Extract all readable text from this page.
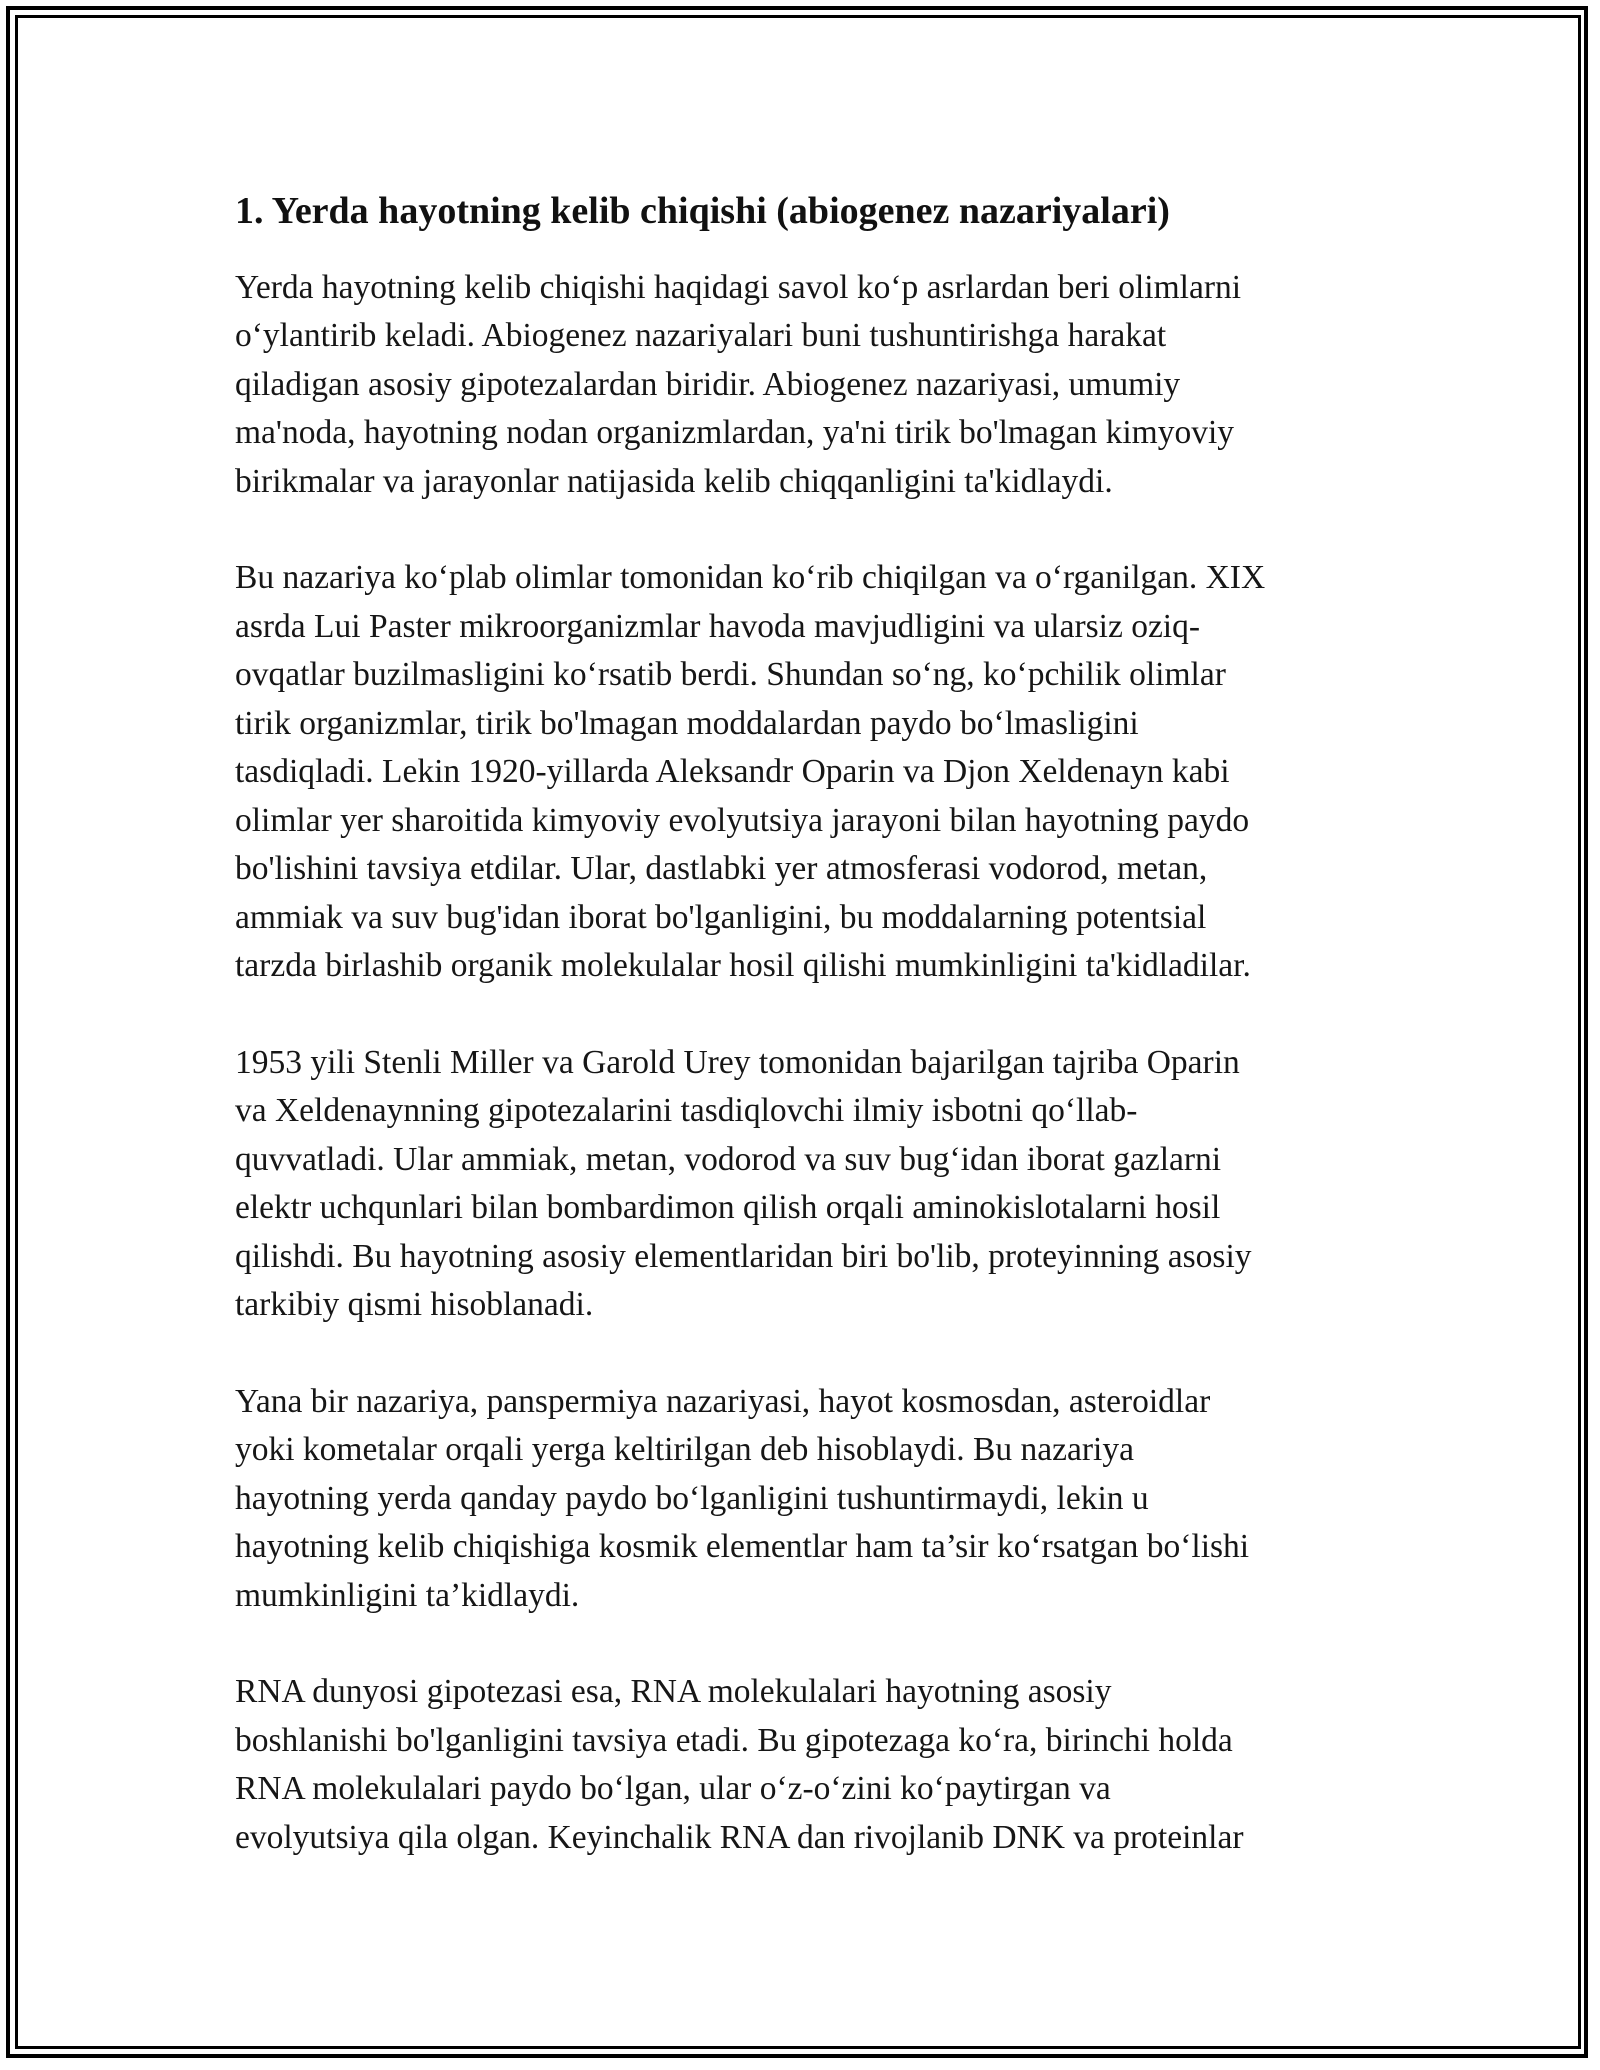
1. Yerda hayotning kelib chiqishi (abiogenez nazariyalari)

Yerda hayotning kelib chiqishi haqidagi savol koʻp asrlardan beri olimlarni
oʻylantirib keladi. Abiogenez nazariyalari buni tushuntirishga harakat
qiladigan asosiy gipotezalardan biridir. Abiogenez nazariyasi, umumiy
ma'noda, hayotning nodan organizmlardan, ya'ni tirik bo'lmagan kimyoviy
birikmalar va jarayonlar natijasida kelib chiqqanligini ta'kidlaydi.

Bu nazariya koʻplab olimlar tomonidan koʻrib chiqilgan va oʻrganilgan. XIX
asrda Lui Paster mikroorganizmlar havoda mavjudligini va ularsiz oziq-
ovqatlar buzilmasligini koʻrsatib berdi. Shundan soʻng, koʻpchilik olimlar
tirik organizmlar, tirik bo'lmagan moddalardan paydo boʻlmasligini
tasdiqladi. Lekin 1920-yillarda Aleksandr Oparin va Djon Xeldenayn kabi
olimlar yer sharoitida kimyoviy evolyutsiya jarayoni bilan hayotning paydo
bo'lishini tavsiya etdilar. Ular, dastlabki yer atmosferasi vodorod, metan,
ammiak va suv bug'idan iborat bo'lganligini, bu moddalarning potentsial
tarzda birlashib organik molekulalar hosil qilishi mumkinligini ta'kidladilar.

1953 yili Stenli Miller va Garold Urey tomonidan bajarilgan tajriba Oparin
va Xeldenaynning gipotezalarini tasdiqlovchi ilmiy isbotni qoʻllab-
quvvatladi. Ular ammiak, metan, vodorod va suv bugʻidan iborat gazlarni
elektr uchqunlari bilan bombardimon qilish orqali aminokislotalarni hosil
qilishdi. Bu hayotning asosiy elementlaridan biri bo'lib, proteyinning asosiy
tarkibiy qismi hisoblanadi.

Yana bir nazariya, panspermiya nazariyasi, hayot kosmosdan, asteroidlar
yoki kometalar orqali yerga keltirilgan deb hisoblaydi. Bu nazariya
hayotning yerda qanday paydo boʻlganligini tushuntirmaydi, lekin u
hayotning kelib chiqishiga kosmik elementlar ham ta’sir koʻrsatgan boʻlishi
mumkinligini ta’kidlaydi.

RNA dunyosi gipotezasi esa, RNA molekulalari hayotning asosiy
boshlanishi bo'lganligini tavsiya etadi. Bu gipotezaga koʻra, birinchi holda
RNA molekulalari paydo boʻlgan, ular oʻz-oʻzini koʻpaytirgan va
evolyutsiya qila olgan. Keyinchalik RNA dan rivojlanib DNK va proteinlar
